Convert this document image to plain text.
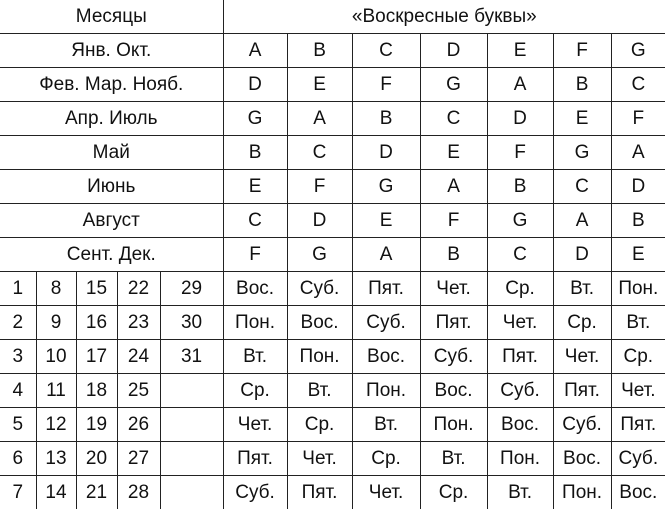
Месяцы					«Воскресные буквы»						
Янв. Окт.					A	B	C	D	E	F	G
Фев. Мар. Нояб.					D	E	F	G	A	B	C
Апр. Июль					G	A	B	C	D	E	F
Май					B	C	D	E	F	G	A
Июнь					E	F	G	A	B	C	D
Август					C	D	E	F	G	A	B
Сент. Дек.					F	G	A	B	C	D	E
1	8	15	22	29	Вос.	Суб.	Пят.	Чет.	Ср.	Вт.	Пон.
2	9	16	23	30	Пон.	Вос.	Суб.	Пят.	Чет.	Ср.	Вт.
3	10	17	24	31	Вт.	Пон.	Вос.	Суб.	Пят.	Чет.	Ср.
4	11	18	25		Ср.	Вт.	Пон.	Вос.	Суб.	Пят.	Чет.
5	12	19	26		Чет.	Ср.	Вт.	Пон.	Вос.	Суб.	Пят.
6	13	20	27		Пят.	Чет.	Ср.	Вт.	Пон.	Вос.	Суб.
7	14	21	28		Суб.	Пят.	Чет.	Ср.	Вт.	Пон.	Вос.
